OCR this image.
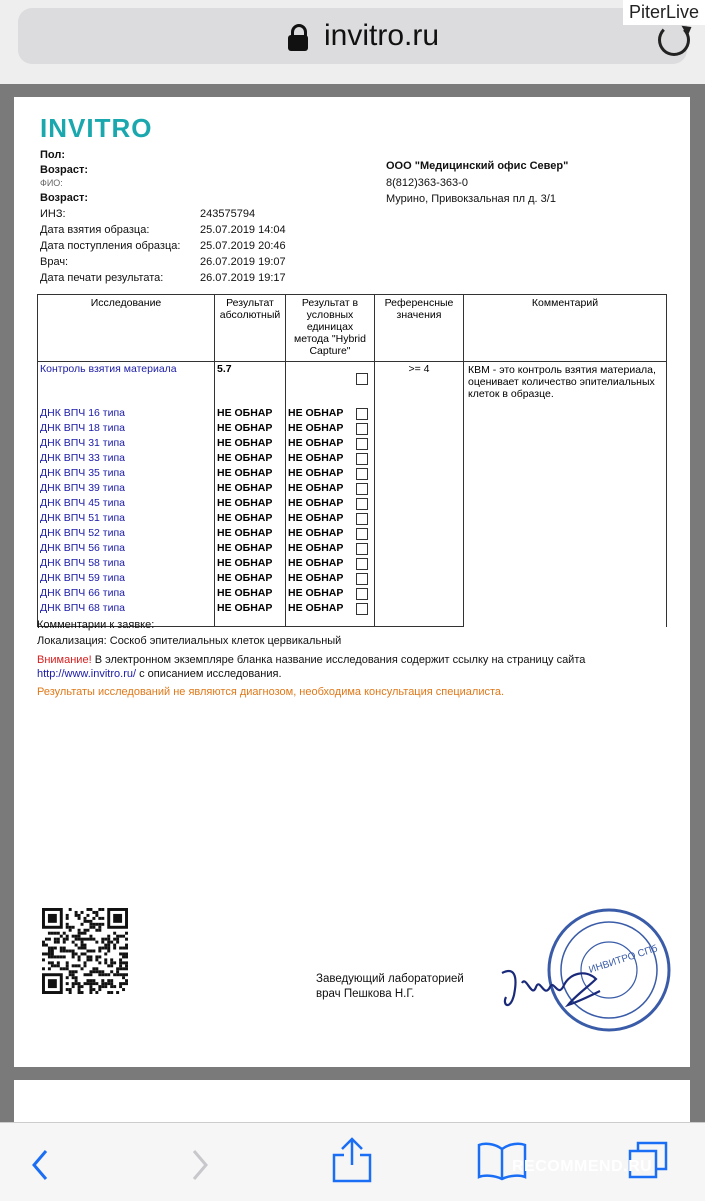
invitro.ru
PiterLive
INVITRO
Пол:
Возраст:
ФИО:
Возраст:
ИНЗ:	243575794
Дата взятия образца:	25.07.2019 14:04
Дата поступления образца: 25.07.2019 20:46
Врач:	26.07.2019 19:07
Дата печати результата:	26.07.2019 19:17
ООО "Медицинский офис Север"
8(812)363-363-0
Мурино, Привокзальная пл д. 3/1
Исследование	Результат абсолютный	Результат в условных единицах метода "Hybrid Capture"	Референсные значения	Комментарий
Контроль взятия материала	5.7		>= 4	КВМ - это контроль взятия материала, оценивает количество эпителиальных клеток в образце.
ДНК ВПЧ 16 типа	НЕ ОБНАР	НЕ ОБНАР		

ДНК ВПЧ 18 типа	НЕ ОБНАР	НЕ ОБНАР		

ДНК ВПЧ 31 типа	НЕ ОБНАР	НЕ ОБНАР		

ДНК ВПЧ 33 типа	НЕ ОБНАР	НЕ ОБНАР		

ДНК ВПЧ 35 типа	НЕ ОБНАР	НЕ ОБНАР		

ДНК ВПЧ 39 типа	НЕ ОБНАР	НЕ ОБНАР		

ДНК ВПЧ 45 типа	НЕ ОБНАР	НЕ ОБНАР		

ДНК ВПЧ 51 типа	НЕ ОБНАР	НЕ ОБНАР		

ДНК ВПЧ 52 типа	НЕ ОБНАР	НЕ ОБНАР		

ДНК ВПЧ 56 типа	НЕ ОБНАР	НЕ ОБНАР		

ДНК ВПЧ 58 типа	НЕ ОБНАР	НЕ ОБНАР		

ДНК ВПЧ 59 типа	НЕ ОБНАР	НЕ ОБНАР		

ДНК ВПЧ 66 типа	НЕ ОБНАР	НЕ ОБНАР		

ДНК ВПЧ 68 типа	НЕ ОБНАР	НЕ ОБНАР		

Комментарии к заявке:
Локализация: Соскоб эпителиальных клеток цервикальный
Внимание! В электронном экземпляре бланка название исследования содержит ссылку на страницу сайта
http://www.invitro.ru/ с описанием исследования.
Результаты исследований не являются диагнозом, необходима консультация специалиста.
Заведующий лабораторией
врач Пешкова Н.Г.
ИНВИТРО СПб
RECOMMEND.RU
